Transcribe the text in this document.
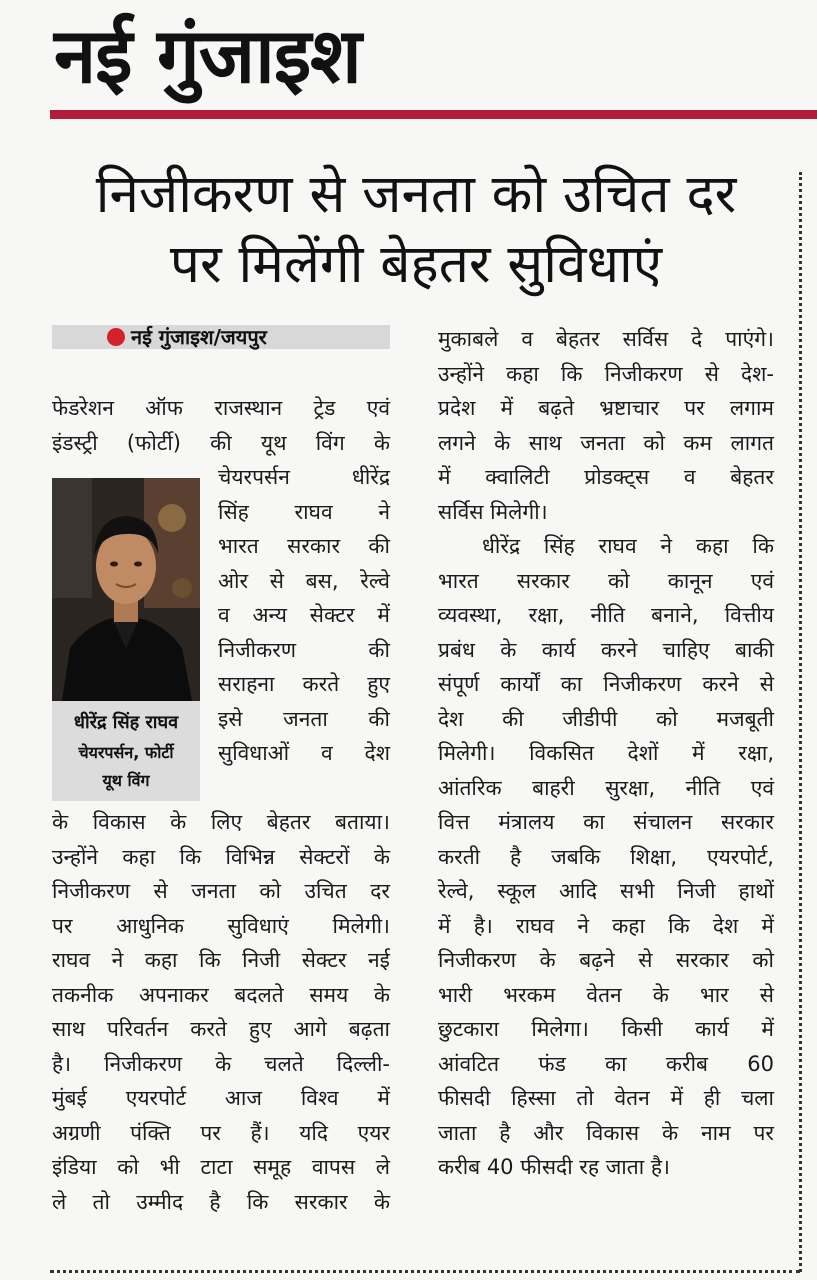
नई गुंजाइश
निजीकरण से जनता को उचित दर
पर मिलेंगी बेहतर सुविधाएं
नई गुंजाइश/जयपुर
धीरेंद्र सिंह राघव
चेयरपर्सन, फोर्टी
यूथ विंग
फेडरेशन ऑफ राजस्थान ट्रेड एवं
इंडस्ट्री (फोर्टी) की यूथ विंग के
चेयरपर्सन धीरेंद्र
सिंह राघव ने
भारत सरकार की
ओर से बस, रेल्वे
व अन्य सेक्टर में
निजीकरण की
सराहना करते हुए
इसे जनता की
सुविधाओं व देश
के विकास के लिए बेहतर बताया।
उन्होंने कहा कि विभिन्न सेक्टरों के
निजीकरण से जनता को उचित दर
पर आधुनिक सुविधाएं मिलेगी।
राघव ने कहा कि निजी सेक्टर नई
तकनीक अपनाकर बदलते समय के
साथ परिवर्तन करते हुए आगे बढ़ता
है। निजीकरण के चलते दिल्ली-
मुंबई एयरपोर्ट आज विश्व में
अग्रणी पंक्ति पर हैं। यदि एयर
इंडिया को भी टाटा समूह वापस ले
ले तो उम्मीद है कि सरकार के
मुकाबले व बेहतर सर्विस दे पाएंगे।
उन्होंने कहा कि निजीकरण से देश-
प्रदेश में बढ़ते भ्रष्टाचार पर लगाम
लगने के साथ जनता को कम लागत
में क्वालिटी प्रोडक्ट्स व बेहतर
सर्विस मिलेगी।
धीरेंद्र सिंह राघव ने कहा कि
भारत सरकार को कानून एवं
व्यवस्था, रक्षा, नीति बनाने, वित्तीय
प्रबंध के कार्य करने चाहिए बाकी
संपूर्ण कार्यों का निजीकरण करने से
देश की जीडीपी को मजबूती
मिलेगी। विकसित देशों में रक्षा,
आंतरिक बाहरी सुरक्षा, नीति एवं
वित्त मंत्रालय का संचालन सरकार
करती है जबकि शिक्षा, एयरपोर्ट,
रेल्वे, स्कूल आदि सभी निजी हाथों
में है। राघव ने कहा कि देश में
निजीकरण के बढ़ने से सरकार को
भारी भरकम वेतन के भार से
छुटकारा मिलेगा। किसी कार्य में
आंवटित फंड का करीब 60
फीसदी हिस्सा तो वेतन में ही चला
जाता है और विकास के नाम पर
करीब 40 फीसदी रह जाता है।
